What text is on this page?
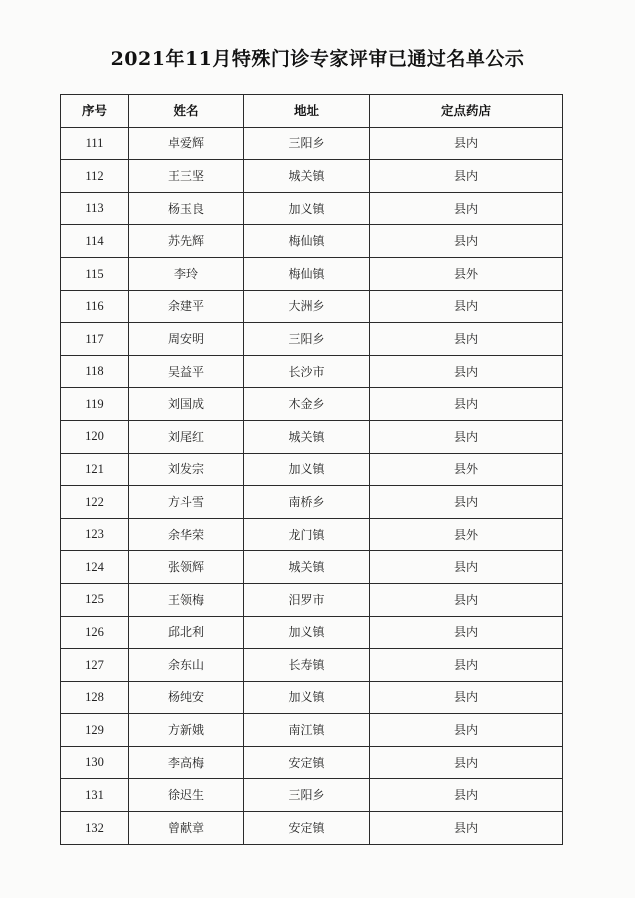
2021年11月特殊门诊专家评审已通过名单公示
序号	姓名	地址	定点药店
111	卓爱辉	三阳乡	县内
112	王三坚	城关镇	县内
113	杨玉良	加义镇	县内
114	苏先辉	梅仙镇	县内
115	李玲	梅仙镇	县外
116	余建平	大洲乡	县内
117	周安明	三阳乡	县内
118	吴益平	长沙市	县内
119	刘国成	木金乡	县内
120	刘尾红	城关镇	县内
121	刘发宗	加义镇	县外
122	方斗雪	南桥乡	县内
123	余华荣	龙门镇	县外
124	张领辉	城关镇	县内
125	王领梅	汨罗市	县内
126	邱北利	加义镇	县内
127	余东山	长寿镇	县内
128	杨纯安	加义镇	县内
129	方新娥	南江镇	县内
130	李高梅	安定镇	县内
131	徐迟生	三阳乡	县内
132	曾献章	安定镇	县内
